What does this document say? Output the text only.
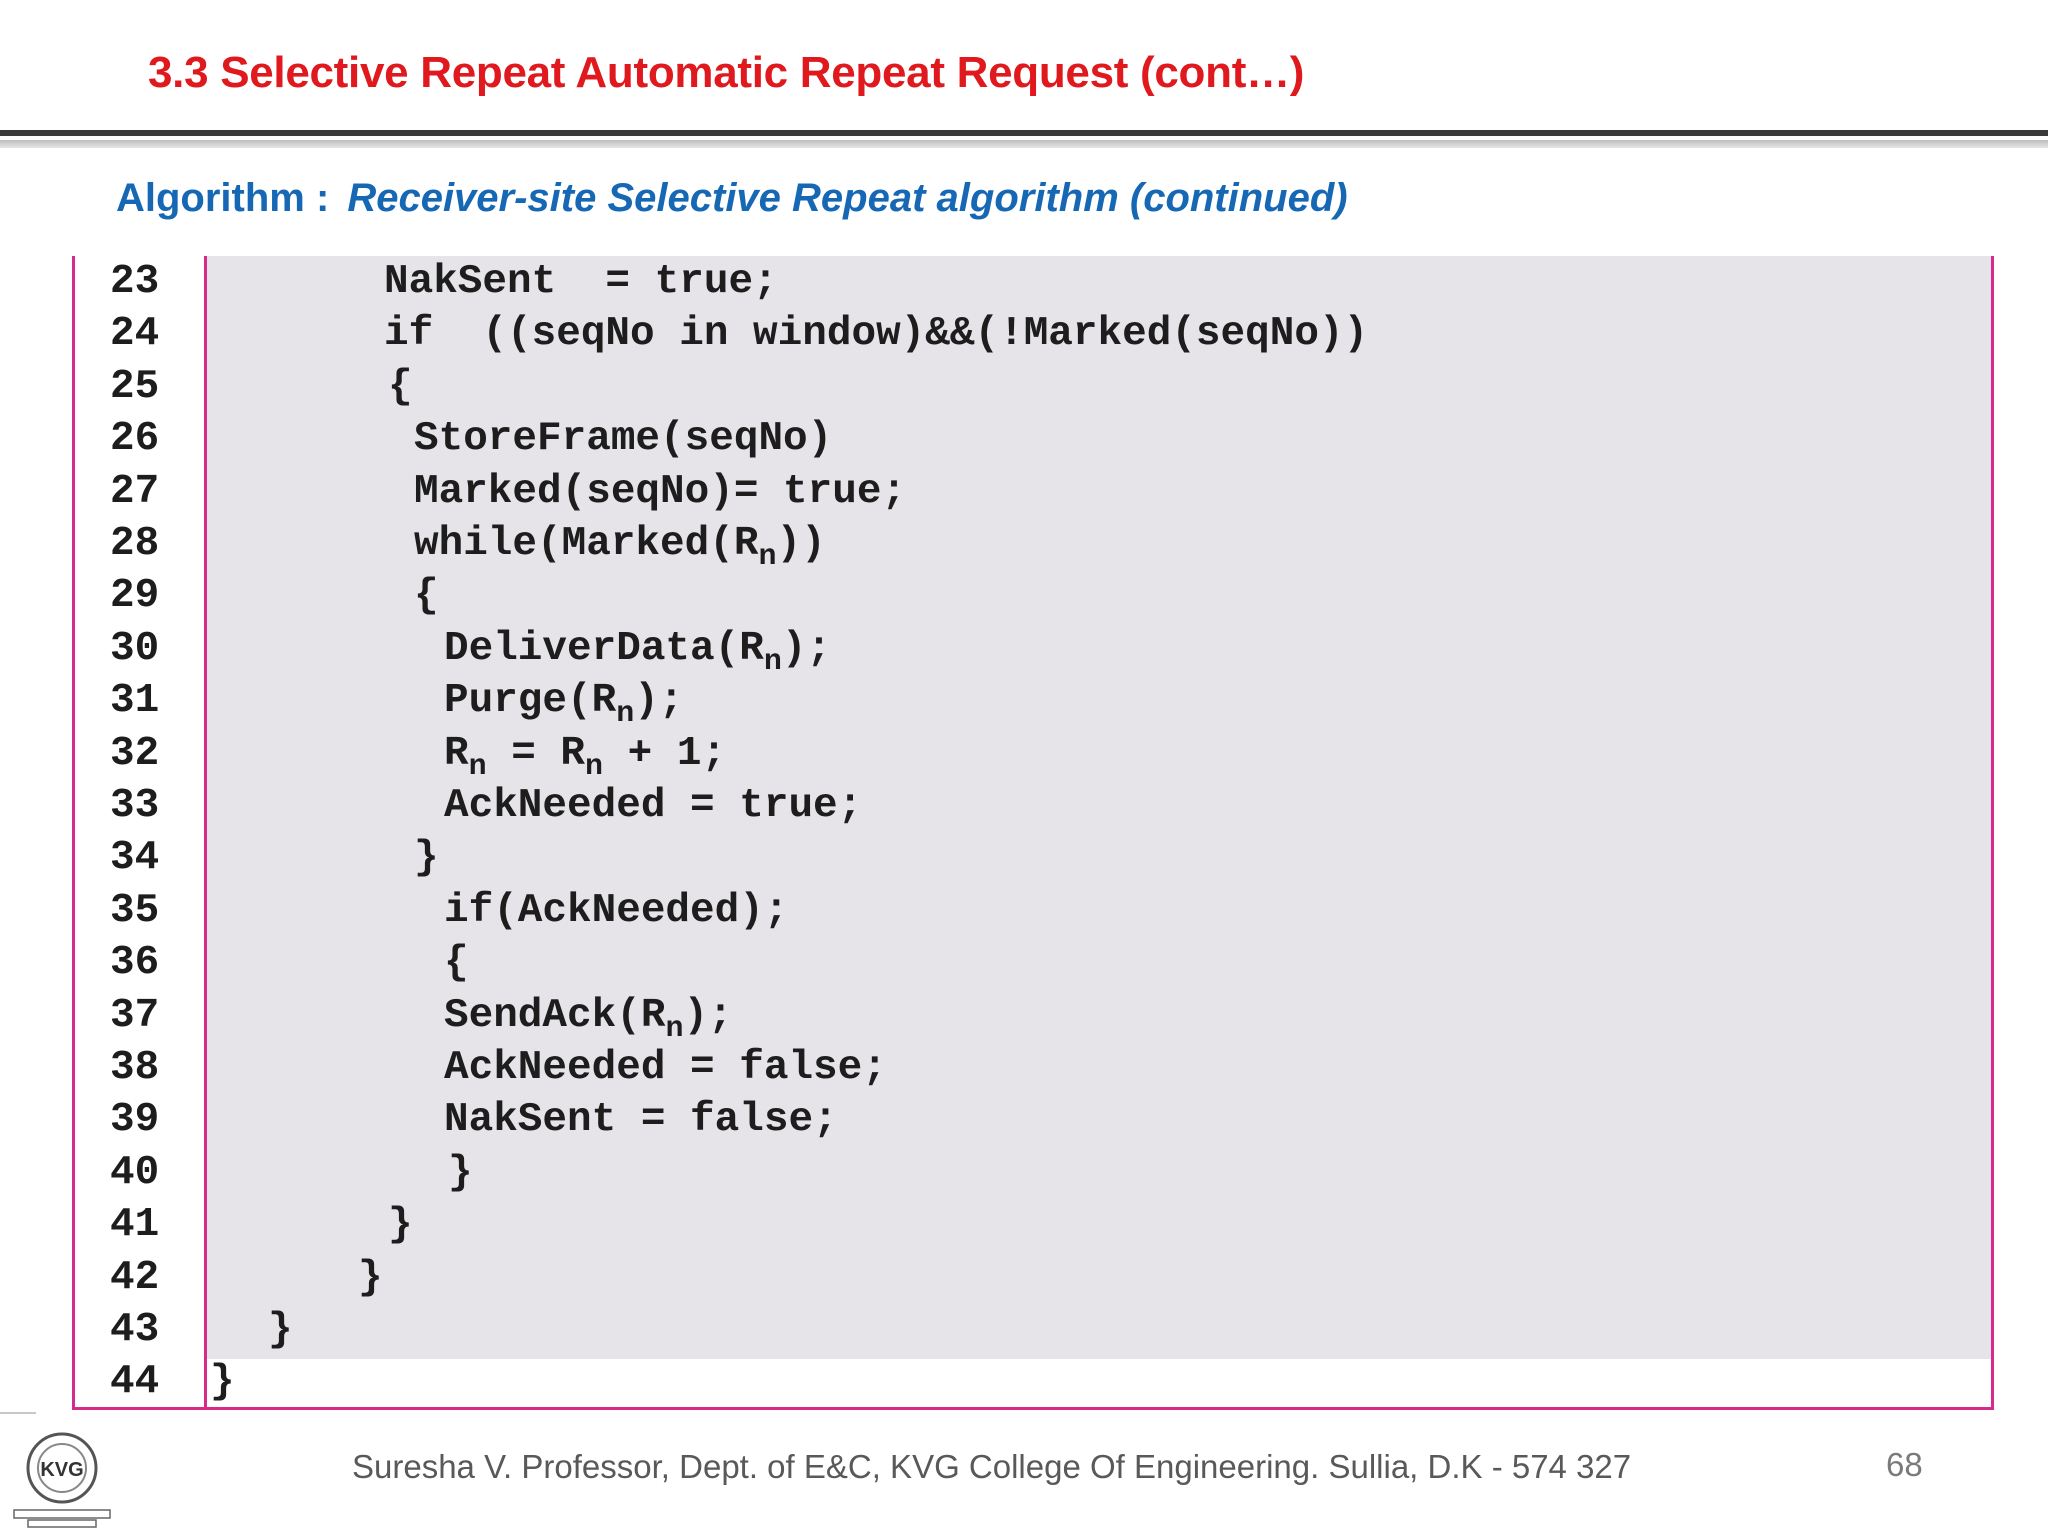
3.3 Selective Repeat Automatic Repeat Request (cont…)
Algorithm : Receiver-site Selective Repeat algorithm (continued)
23	NakSent  = true;
24	if  ((seqNo in window)&&(!Marked(seqNo))
25	{
26	StoreFrame(seqNo)
27	Marked(seqNo)= true;
28	$while(Marked(R_n))$
29	{
30	$DeliverData(R_n)$;
31	$Purge(R_n)$;
32	$R_n = R_n + 1$;
33	AckNeeded = true;
34	}
35	if(AckNeeded);
36	{
37	$SendAck(R_n)$;
38	AckNeeded = false;
39	NakSent = false;
40	}
41	}
42	}
43	}
44 }
KVG	Suresha V. Professor, Dept. of E&C, KVG College Of Engineering. Sullia, D.K - 574 327	68
